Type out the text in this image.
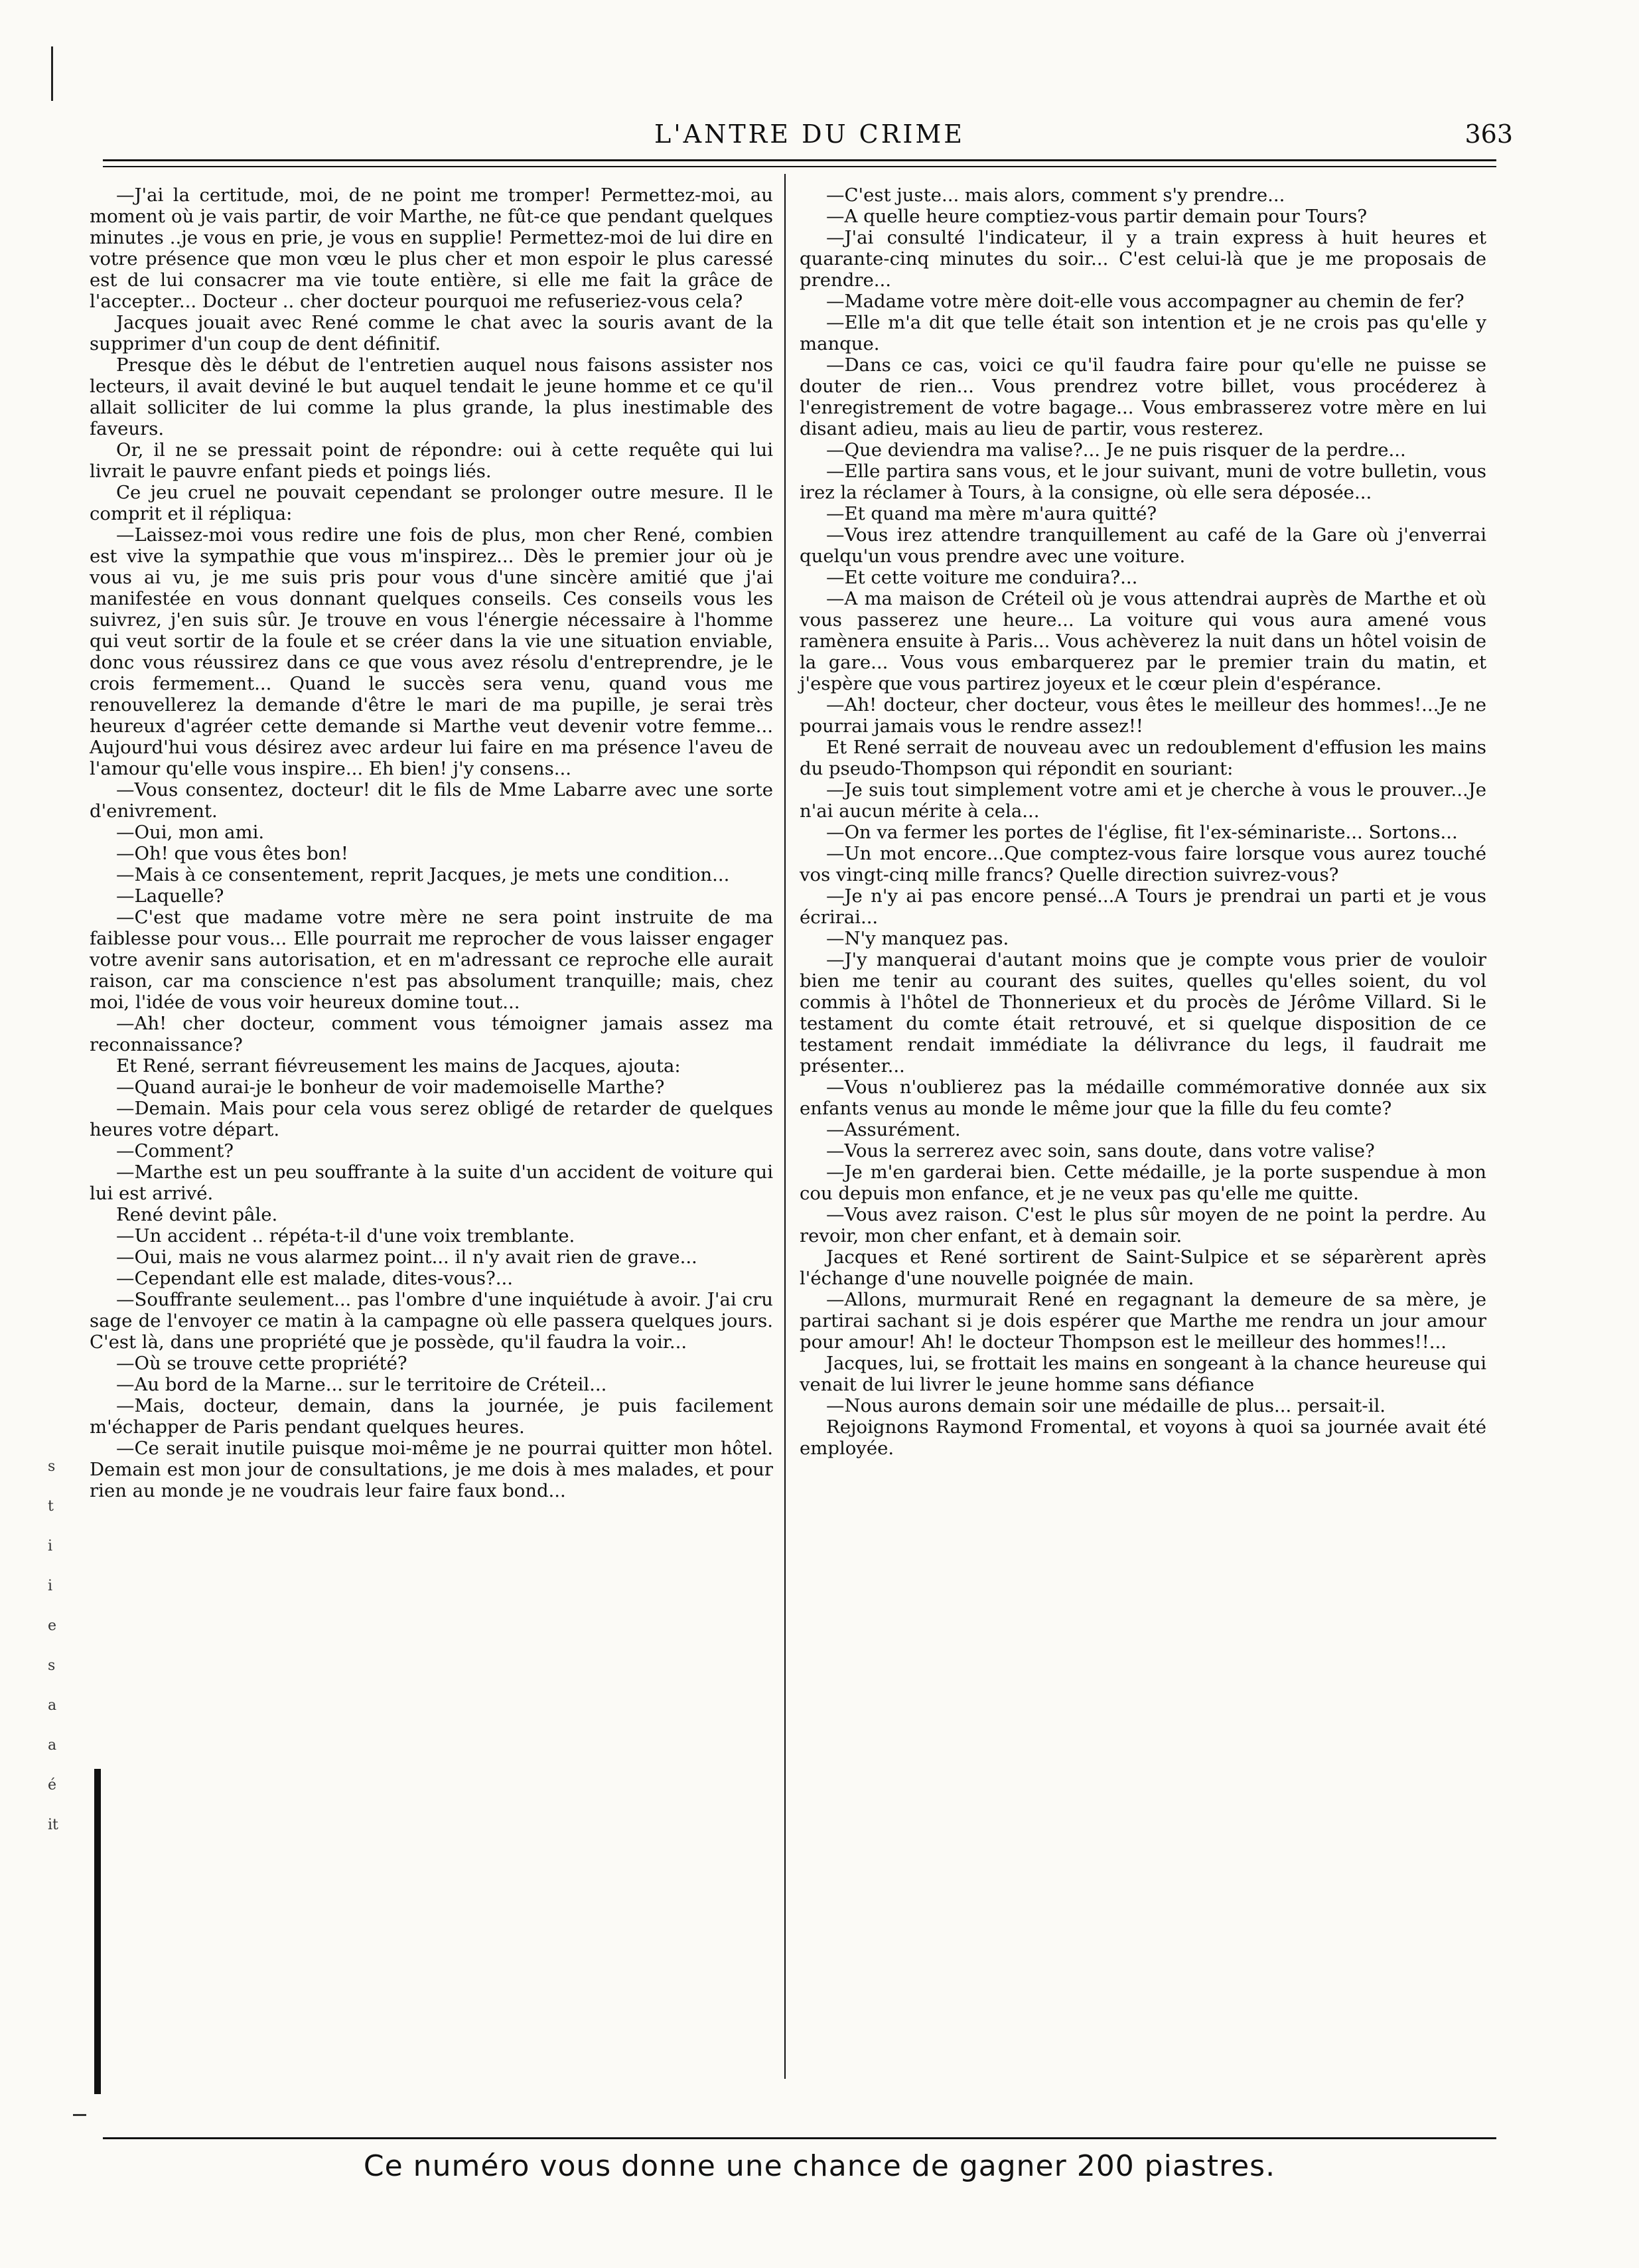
L'ANTRE DU CRIME	363

—J'ai la certitude, moi, de ne point me tromper! Permettez-moi, au moment où je vais partir, de voir Marthe, ne fût-ce que pendant quelques minutes ..je vous en prie, je vous en supplie! Permettez-moi de lui dire en votre présence que mon vœu le plus cher et mon espoir le plus caressé est de lui consacrer ma vie toute entière, si elle me fait la grâce de l'accepter... Docteur .. cher docteur pourquoi me refuseriez-vous cela?

Jacques jouait avec René comme le chat avec la souris avant de la supprimer d'un coup de dent définitif.

Presque dès le début de l'entretien auquel nous faisons assister nos lecteurs, il avait deviné le but auquel tendait le jeune homme et ce qu'il allait solliciter de lui comme la plus grande, la plus inestimable des faveurs.

Or, il ne se pressait point de répondre: oui à cette requête qui lui livrait le pauvre enfant pieds et poings liés.

Ce jeu cruel ne pouvait cependant se prolonger outre mesure. Il le comprit et il répliqua:

—Laissez-moi vous redire une fois de plus, mon cher René, combien est vive la sympathie que vous m'inspirez... Dès le premier jour où je vous ai vu, je me suis pris pour vous d'une sincère amitié que j'ai manifestée en vous donnant quelques conseils. Ces conseils vous les suivrez, j'en suis sûr. Je trouve en vous l'énergie nécessaire à l'homme qui veut sortir de la foule et se créer dans la vie une situation enviable, donc vous réussirez dans ce que vous avez résolu d'entreprendre, je le crois fermement... Quand le succès sera venu, quand vous me renouvellerez la demande d'être le mari de ma pupille, je serai très heureux d'agréer cette demande si Marthe veut devenir votre femme... Aujourd'hui vous désirez avec ardeur lui faire en ma présence l'aveu de l'amour qu'elle vous inspire... Eh bien! j'y consens...

—Vous consentez, docteur! dit le fils de Mme Labarre avec une sorte d'enivrement.

—Oui, mon ami.

—Oh! que vous êtes bon!

—Mais à ce consentement, reprit Jacques, je mets une condition...

—Laquelle?

—C'est que madame votre mère ne sera point instruite de ma faiblesse pour vous... Elle pourrait me reprocher de vous laisser engager votre avenir sans autorisation, et en m'adressant ce reproche elle aurait raison, car ma conscience n'est pas absolument tranquille; mais, chez moi, l'idée de vous voir heureux domine tout...

—Ah! cher docteur, comment vous témoigner jamais assez ma reconnaissance?

Et René, serrant fiévreusement les mains de Jacques, ajouta:

—Quand aurai-je le bonheur de voir mademoiselle Marthe?

—Demain. Mais pour cela vous serez obligé de retarder de quelques heures votre départ.

—Comment?

—Marthe est un peu souffrante à la suite d'un accident de voiture qui lui est arrivé.

René devint pâle.

—Un accident .. répéta-t-il d'une voix tremblante.

—Oui, mais ne vous alarmez point... il n'y avait rien de grave...

—Cependant elle est malade, dites-vous?...

—Souffrante seulement... pas l'ombre d'une inquiétude à avoir. J'ai cru sage de l'envoyer ce matin à la campagne où elle passera quelques jours. C'est là, dans une propriété que je possède, qu'il faudra la voir...

—Où se trouve cette propriété?

—Au bord de la Marne... sur le territoire de Créteil...

—Mais, docteur, demain, dans la journée, je puis facilement m'échapper de Paris pendant quelques heures.

—Ce serait inutile puisque moi-même je ne pourrai quitter mon hôtel. Demain est mon jour de consultations, je me dois à mes malades, et pour rien au monde je ne voudrais leur faire faux bond...

—C'est juste... mais alors, comment s'y prendre...

—A quelle heure comptiez-vous partir demain pour Tours?

—J'ai consulté l'indicateur, il y a train express à huit heures et quarante-cinq minutes du soir... C'est celui-là que je me proposais de prendre...

—Madame votre mère doit-elle vous accompagner au chemin de fer?

—Elle m'a dit que telle était son intention et je ne crois pas qu'elle y manque.

—Dans ce cas, voici ce qu'il faudra faire pour qu'elle ne puisse se douter de rien... Vous prendrez votre billet, vous procéderez à l'enregistrement de votre bagage... Vous embrasserez votre mère en lui disant adieu, mais au lieu de partir, vous resterez.

—Que deviendra ma valise?... Je ne puis risquer de la perdre...

—Elle partira sans vous, et le jour suivant, muni de votre bulletin, vous irez la réclamer à Tours, à la consigne, où elle sera déposée...

—Et quand ma mère m'aura quitté?

—Vous irez attendre tranquillement au café de la Gare où j'enverrai quelqu'un vous prendre avec une voiture.

—Et cette voiture me conduira?...

—A ma maison de Créteil où je vous attendrai auprès de Marthe et où vous passerez une heure... La voiture qui vous aura amené vous ramènera ensuite à Paris... Vous achèverez la nuit dans un hôtel voisin de la gare... Vous vous embarquerez par le premier train du matin, et j'espère que vous partirez joyeux et le cœur plein d'espérance.

—Ah! docteur, cher docteur, vous êtes le meilleur des hommes!...Je ne pourrai jamais vous le rendre assez!!

Et René serrait de nouveau avec un redoublement d'effusion les mains du pseudo-Thompson qui répondit en souriant:

—Je suis tout simplement votre ami et je cherche à vous le prouver...Je n'ai aucun mérite à cela...

—On va fermer les portes de l'église, fit l'ex-séminariste... Sortons...

—Un mot encore...Que comptez-vous faire lorsque vous aurez touché vos vingt-cinq mille francs? Quelle direction suivrez-vous?

—Je n'y ai pas encore pensé...A Tours je prendrai un parti et je vous écrirai...

—N'y manquez pas.

—J'y manquerai d'autant moins que je compte vous prier de vouloir bien me tenir au courant des suites, quelles qu'elles soient, du vol commis à l'hôtel de Thonnerieux et du procès de Jérôme Villard. Si le testament du comte était retrouvé, et si quelque disposition de ce testament rendait immédiate la délivrance du legs, il faudrait me présenter...

—Vous n'oublierez pas la médaille commémorative donnée aux six enfants venus au monde le même jour que la fille du feu comte?

—Assurément.

—Vous la serrerez avec soin, sans doute, dans votre valise?

—Je m'en garderai bien. Cette médaille, je la porte suspendue à mon cou depuis mon enfance, et je ne veux pas qu'elle me quitte.

—Vous avez raison. C'est le plus sûr moyen de ne point la perdre. Au revoir, mon cher enfant, et à demain soir.

Jacques et René sortirent de Saint-Sulpice et se séparèrent après l'échange d'une nouvelle poignée de main.

—Allons, murmurait René en regagnant la demeure de sa mère, je partirai sachant si je dois espérer que Marthe me rendra un jour amour pour amour! Ah! le docteur Thompson est le meilleur des hommes!!...

Jacques, lui, se frottait les mains en songeant à la chance heureuse qui venait de lui livrer le jeune homme sans défiance

—Nous aurons demain soir une médaille de plus... persait-il.

Rejoignons Raymond Fromental, et voyons à quoi sa journée avait été employée.

s
t
i
i
e
s
a
a
é
it
Ce numéro vous donne une chance de gagner 200 piastres.
